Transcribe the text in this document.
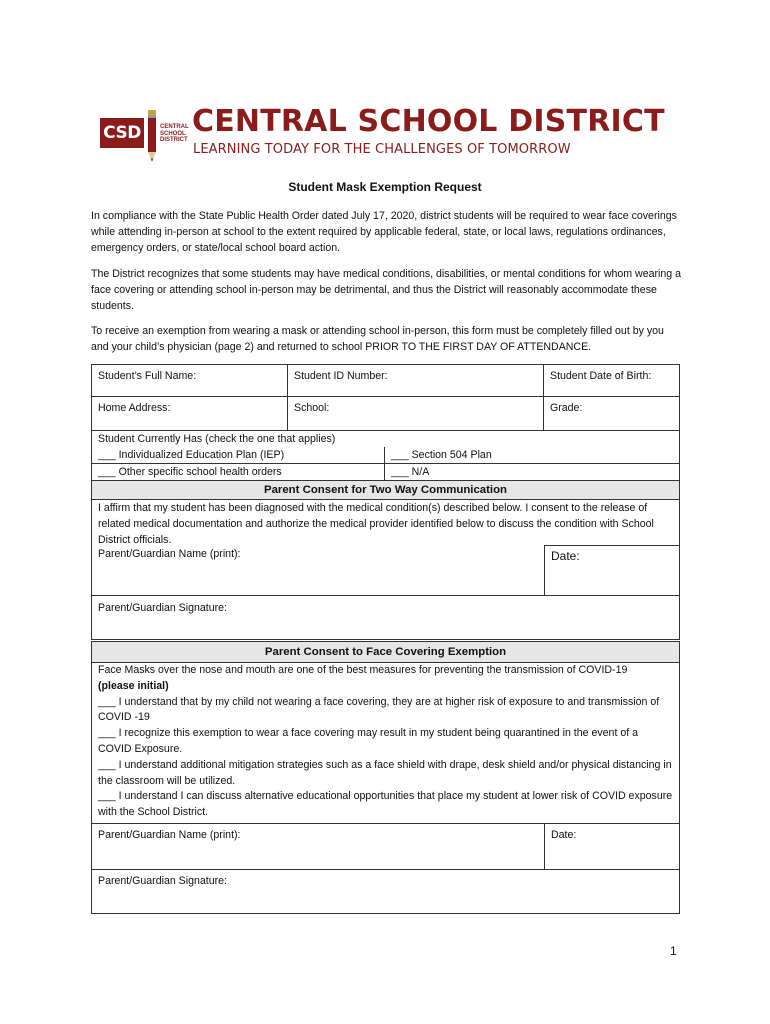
CSD	CENTRAL
SCHOOL
DISTRICT
CENTRAL SCHOOL DISTRICT
LEARNING TODAY FOR THE CHALLENGES OF TOMORROW
Student Mask Exemption Request

In compliance with the State Public Health Order dated July 17, 2020, district students will be required to wear face coverings while attending in-person at school to the extent required by applicable federal, state, or local laws, regulations ordinances, emergency orders, or state/local school board action.

The District recognizes that some students may have medical conditions, disabilities, or mental conditions for whom wearing a face covering or attending school in-person may be detrimental, and thus the District will reasonably accommodate these students.

To receive an exemption from wearing a mask or attending school in-person, this form must be completely filled out by you and your child’s physician (page 2) and returned to school PRIOR TO THE FIRST DAY OF ATTENDANCE.

Student’s Full Name:	Student ID Number:	Student Date of Birth:
Home Address:	School:	Grade:
Student Currently Has (check the one that applies)	
___ Individualized Education Plan (IEP)	___ Section 504 Plan
___ Other specific school health orders	___ N/A
Parent Consent for Two Way Communication	
I affirm that my student has been diagnosed with the medical condition(s) described below. I consent to the release of related medical documentation and authorize the medical provider identified below to discuss the condition with School District officials.	
Parent/Guardian Name (print):	Date:
Parent/Guardian Signature:
Parent Consent to Face Covering Exemption

Face Masks over the nose and mouth are one of the best measures for preventing the transmission of COVID-19
(please initial)
___ I understand that by my child not wearing a face covering, they are at higher risk of exposure to and transmission of COVID -19
___ I recognize this exemption to wear a face covering may result in my student being quarantined in the event of a COVID Exposure.
___ I understand additional mitigation strategies such as a face shield with drape, desk shield and/or physical distancing in the classroom will be utilized.
___ I understand I can discuss alternative educational opportunities that place my student at lower risk of COVID exposure with the School District.

Parent/Guardian Name (print):	Date:
Parent/Guardian Signature:
1
